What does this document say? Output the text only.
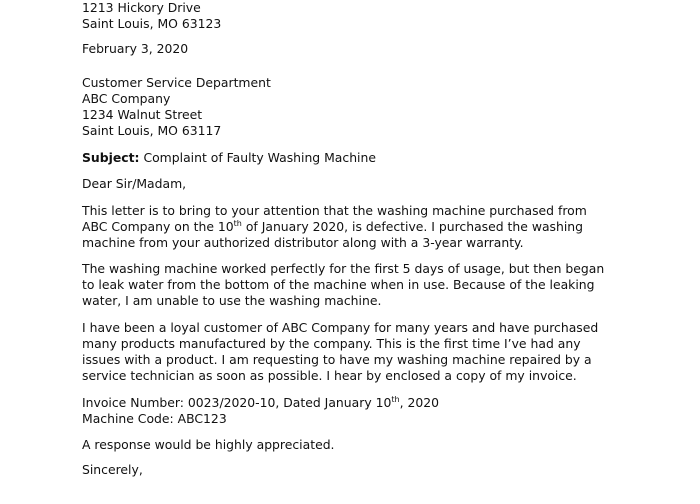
1213 Hickory Drive
Saint Louis, MO 63123
February 3, 2020
Customer Service Department
ABC Company
1234 Walnut Street
Saint Louis, MO 63117
Subject: Complaint of Faulty Washing Machine
Dear Sir/Madam,
This letter is to bring to your attention that the washing machine purchased from
ABC Company on the 10th of January 2020, is defective. I purchased the washing
machine from your authorized distributor along with a 3-year warranty.
The washing machine worked perfectly for the first 5 days of usage, but then began
to leak water from the bottom of the machine when in use. Because of the leaking
water, I am unable to use the washing machine.
I have been a loyal customer of ABC Company for many years and have purchased
many products manufactured by the company. This is the first time I’ve had any
issues with a product. I am requesting to have my washing machine repaired by a
service technician as soon as possible. I hear by enclosed a copy of my invoice.
Invoice Number: 0023/2020-10, Dated January 10th, 2020
Machine Code: ABC123
A response would be highly appreciated.
Sincerely,
